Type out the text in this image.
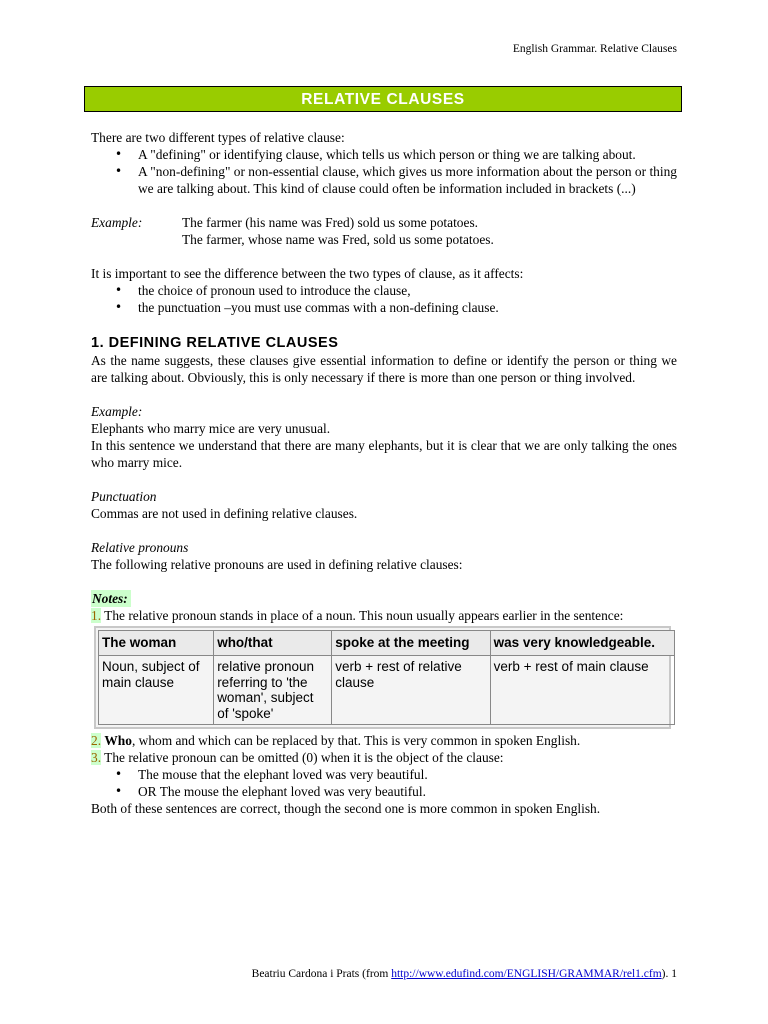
English Grammar. Relative Clauses
RELATIVE CLAUSES

There are two different types of relative clause:

• A "defining" or identifying clause, which tells us which person or thing we are talking about.
• A "non-defining" or non-essential clause, which gives us more information about the person or thing we are talking about. This kind of clause could often be information included in brackets (...)
Example:	The farmer (his name was Fred) sold us some potatoes.
The farmer, whose name was Fred, sold us some potatoes.

It is important to see the difference between the two types of clause, as it affects:

• the choice of pronoun used to introduce the clause,
• the punctuation –you must use commas with a non-defining clause.
1. DEFINING RELATIVE CLAUSES

As the name suggests, these clauses give essential information to define or identify the person or thing we are talking about. Obviously, this is only necessary if there is more than one person or thing involved.

Example:

Elephants who marry mice are very unusual.

In this sentence we understand that there are many elephants, but it is clear that we are only talking the ones who marry mice.

Punctuation

Commas are not used in defining relative clauses.

Relative pronouns

The following relative pronouns are used in defining relative clauses:

Notes:

1. The relative pronoun stands in place of a noun. This noun usually appears earlier in the sentence:

The woman	who/that	spoke at the meeting	was very knowledgeable.
Noun, subject of main clause	relative pronoun referring to 'the woman', subject of 'spoke'	verb + rest of relative clause	verb + rest of main clause

2. Who, whom and which can be replaced by that. This is very common in spoken English.

3. The relative pronoun can be omitted (0) when it is the object of the clause:

• The mouse that the elephant loved was very beautiful.
• OR The mouse the elephant loved was very beautiful.

Both of these sentences are correct, though the second one is more common in spoken English.

Beatriu Cardona i Prats (from http://www.edufind.com/ENGLISH/GRAMMAR/rel1.cfm). 1
